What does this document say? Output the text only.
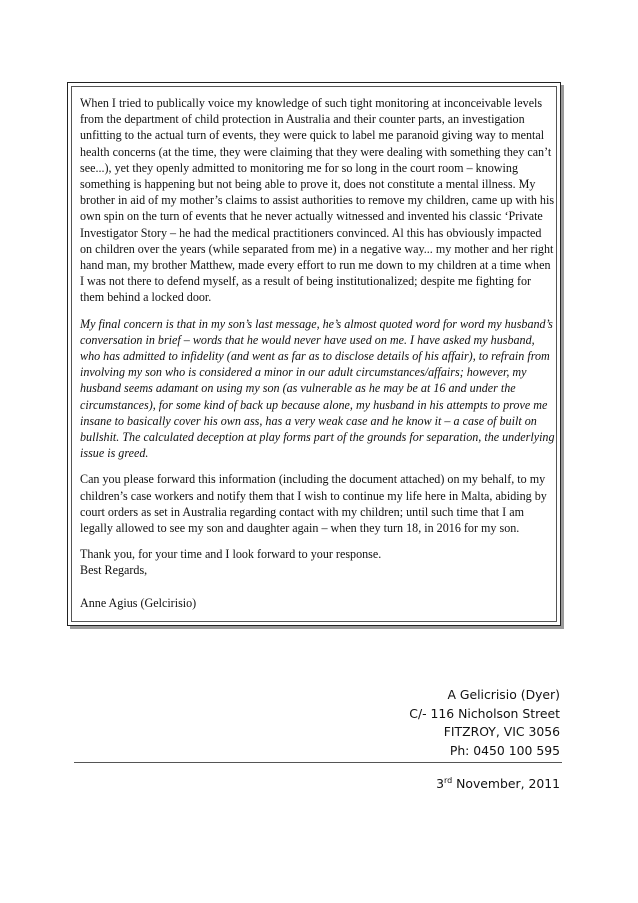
When I tried to publically voice my knowledge of such tight monitoring at inconceivable levels from the department of child protection in Australia and their counter parts, an investigation unfitting to the actual turn of events, they were quick to label me paranoid giving way to mental health concerns (at the time, they were claiming that they were dealing with something they can’t see...), yet they openly admitted to monitoring me for so long in the court room – knowing something is happening but not being able to prove it, does not constitute a mental illness. My brother in aid of my mother’s claims to assist authorities to remove my children, came up with his own spin on the turn of events that he never actually witnessed and invented his classic ‘Private Investigator Story – he had the medical practitioners convinced. Al this has obviously impacted on children over the years (while separated from me) in a negative way... my mother and her right hand man, my brother Matthew, made every effort to run me down to my children at a time when I was not there to defend myself, as a result of being institutionalized; despite me fighting for them behind a locked door.

My final concern is that in my son’s last message, he’s almost quoted word for word my husband’s conversation in brief – words that he would never have used on me. I have asked my husband, who has admitted to infidelity (and went as far as to disclose details of his affair), to refrain from involving my son who is considered a minor in our adult circumstances/affairs; however, my husband seems adamant on using my son (as vulnerable as he may be at 16 and under the circumstances), for some kind of back up because alone, my husband in his attempts to prove me insane to basically cover his own ass, has a very weak case and he know it – a case of built on bullshit. The calculated deception at play forms part of the grounds for separation, the underlying issue is greed.

Can you please forward this information (including the document attached) on my behalf, to my children’s case workers and notify them that I wish to continue my life here in Malta, abiding by court orders as set in Australia regarding contact with my children; until such time that I am legally allowed to see my son and daughter again – when they turn 18, in 2016 for my son.

Thank you, for your time and I look forward to your response.
Best Regards,

Anne Agius (Gelcirisio)

A Gelicrisio (Dyer)
C/- 116 Nicholson Street
FITZROY, VIC 3056
Ph: 0450 100 595
3rd November, 2011
